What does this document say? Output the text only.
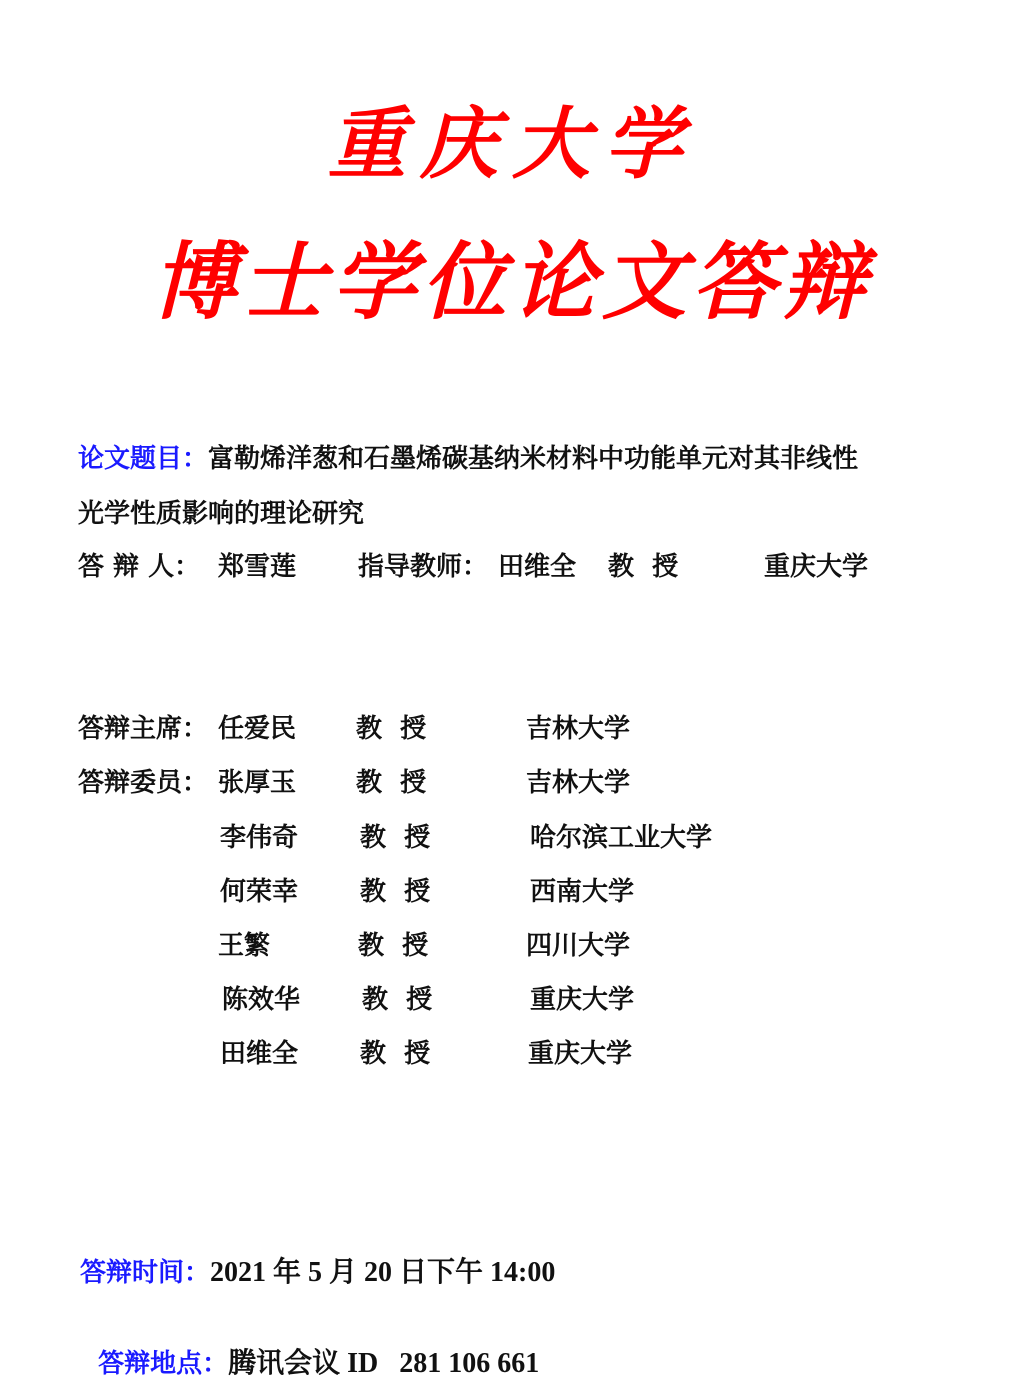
重庆大学
博士学位论文答辩
论文题目：富勒烯洋葱和石墨烯碳基纳米材料中功能单元对其非线性
光学性质影响的理论研究
答 辩 人： 郑雪莲 指导教师： 田维全 教  授	重庆大学
答辩主席： 任爱民 教  授	吉林大学
答辩委员： 张厚玉 教  授	吉林大学
李伟奇 教  授	哈尔滨工业大学
何荣幸 教  授	西南大学
王繁	教  授	四川大学
陈效华 教  授	重庆大学
田维全 教  授	重庆大学
答辩时间：2021 年 5 月 20 日下午 14:00

答辩地点：腾讯会议 ID   281 106 661
